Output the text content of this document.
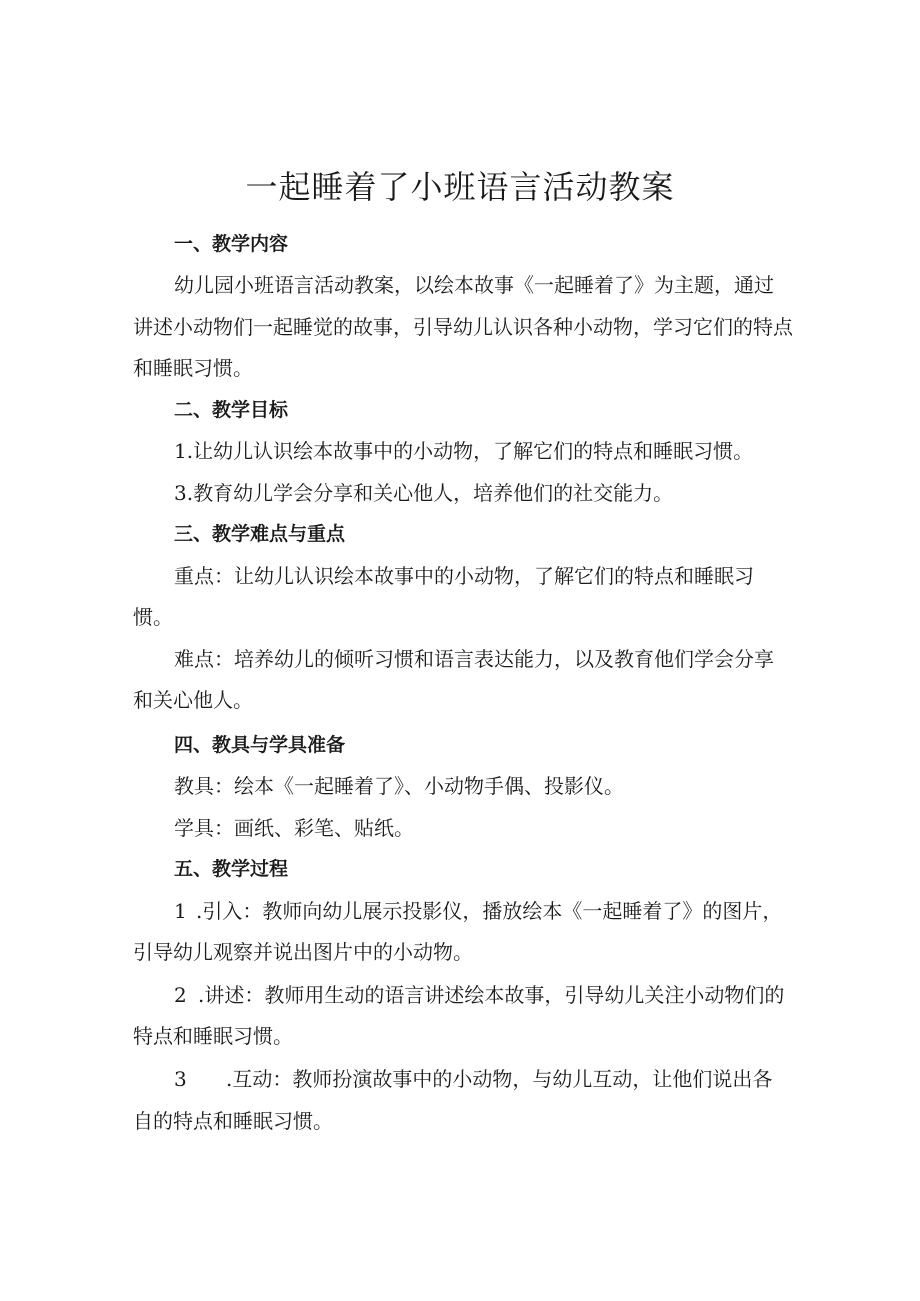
一起睡着了小班语言活动教案

一、教学内容

幼儿园小班语言活动教案，以绘本故事《一起睡着了》为主题，通过

讲述小动物们一起睡觉的故事，引导幼儿认识各种小动物，学习它们的特点

和睡眠习惯。

二、教学目标

1.让幼儿认识绘本故事中的小动物，了解它们的特点和睡眠习惯。

3.教育幼儿学会分享和关心他人，培养他们的社交能力。

三、教学难点与重点

重点：让幼儿认识绘本故事中的小动物，了解它们的特点和睡眠习

惯。

难点：培养幼儿的倾听习惯和语言表达能力，以及教育他们学会分享

和关心他人。

四、教具与学具准备

教具：绘本《一起睡着了》、小动物手偶、投影仪。

学具：画纸、彩笔、贴纸。

五、教学过程

1 .引入：教师向幼儿展示投影仪，播放绘本《一起睡着了》的图片，

引导幼儿观察并说出图片中的小动物。

2 .讲述：教师用生动的语言讲述绘本故事，引导幼儿关注小动物们的

特点和睡眠习惯。

3 .互动：教师扮演故事中的小动物，与幼儿互动，让他们说出各

自的特点和睡眠习惯。
